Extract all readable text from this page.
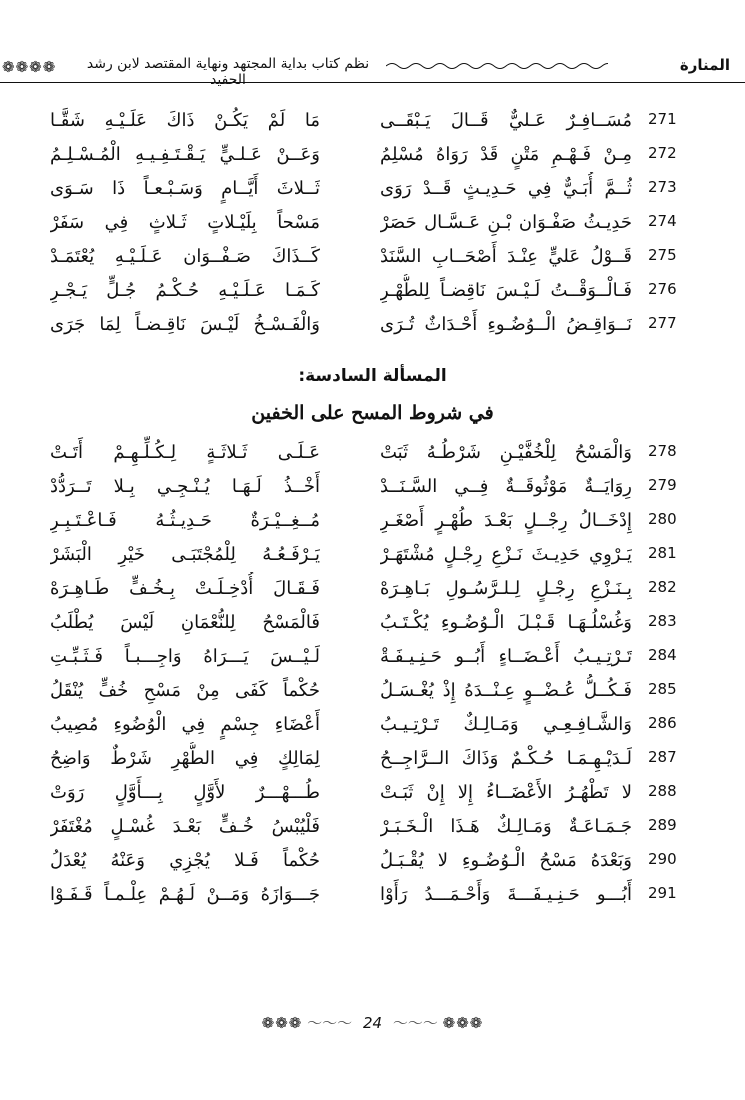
❁❁❁❁	نظم كتاب بداية المجتهد ونهاية المقتصد لابن رشد الحفيد
المنارة
271
مُسَــافِـرٌ عَـليٌّ قَــالَ يَـبْقَــى
مَا لَمْ يَكُـنْ ذَاكَ عَلَـيْـهِ شَقَّـا
272
مِـنْ فَـهْـمِ مَتْنٍ قَدْ رَوَاهُ مُسْلِمُ
وَعَــنْ عَـلـيٍّ يَـقْـتَـفِـيـهِ الْمُـسْـلِـمُ
273
ثُــمَّ أُبَـيٌّ فِي حَـدِيـثٍ قَــدْ رَوَى
ثَــلاثَ أَيَّــامٍ وَسَـبْـعـاً ذَا سَـوَى
274
حَدِيـثُ صَفْـوَان بْـنِ عَـسَّـال حَصَرْ
مَسْحاً بِلَيْـلاتٍ ثَـلاثٍ فِي سَفَرْ
275
قَــوْلُ عَليٍّ عِنْـدَ أَصْحَــابِ السَّنَدْ
كَــذَاكَ صَـفْــوَان عَـلَـيْـهِ يُعْتَمَـدْ
276
فَـالْــوَقْــتُ لَـيْـسَ نَاقِضـاً لِلطُّهْـرِ
كَـمَـا عَـلَـيْـهِ حُـكْـمُ جُـلٍّ يَـجْـرِ
277
نَــوَاقِـضُ الْــوُضُـوءِ أَحْـدَاثٌ تُـرَى
وَالْفَـسْـخُ لَيْـسَ نَاقِـضـاً لِمَا جَرَى
المسألة السادسة:
في شروط المسح على الخفين
278
وَالْمَسْحُ لِلْخُفَّيْـنِ شَرْطُـهُ ثَبَتْ
عَـلَـى ثَـلاثَـةٍ لِـكُـلِّـهِـمْ أَتَـتْ
279
رِوَايَــةٌ مَوْثُوقَــةٌ فِــي السَّـنَــدْ
أَخْــذُ لَـهَـا يُـنْـجِـي بِـلا تَــرَدُّدْ
280
إِدْخَــالُ رِجْــلٍ بَعْـدَ طُهْـرٍ أَصْغَـرِ
مُــغِــيْـرَةٌ حَـدِيـثُـهُ فَـاعْـتَـبِـرِ
281
يَـرْوِي حَدِيـثَ نَـزْعِ رِجْـلٍ مُشْتَهَـرْ
يَـرْفَـعُـهُ لِلْمُجْتَبَـى خَيْرِ الْبَشَرْ
282
بِـنَـزْعِ رِجْـلٍ لِـلـرَّسُـولِ بَـاهِـرَهْ
فَـقَـالَ أُدْخِـلَـتْ بِـخُـفٍّ طَـاهِـرَهْ
283
وَغُسْلُـهَـا قَـبْـلَ الْـوُضُـوءِ يُكْـتَـبُ
فَالْمَسْحُ لِلنُّعْمَانِ لَيْسَ يُطْلَبُ
284
تَـرْتِـيـبُ أَعْـضَــاءٍ أَبُــو حَـنِـيـفَـةْ
لَـيْــسَ يَـــرَاهُ وَاجِـــبـاً فَـثَـبِّـتِ
285
فَـكُــلُّ عُـضْــوٍ عِـنْــدَهُ إِذْ يُغْـسَـلُ
حُكْماً كَفَى مِنْ مَسْحِ خُفٍّ يُنْقَلُ
286
وَالشَّـافِـعِـي وَمَـالِـكٌ تَـرْتِـيـبُ
أَعْضَاءِ جِسْمٍ فِي الْوُضُوءِ مُصِيبُ
287
لَـدَيْـهِـمَـا حُـكْـمٌ وَذَاكَ الــرَّاجِــحُ
لِمَالِكٍ فِي الطُّهْرِ شَرْطٌ وَاضِحُ
288
لا تَطْهُـرُ الأَعْضَــاءُ إِلا إِنْ ثَبَـتْ
طُـــهْـــرٌ لأَوَّلٍ بِـــأَوَّلٍ رَوَتْ
289
جَـمَـاعَـةٌ وَمَـالِـكٌ هَـذَا الْـخَـبَـرْ
فَلْيُبْسُ خُـفٍّ بَعْـدَ غُسْـلٍ مُغْتَفَرْ
290
وَبَعْدَهُ مَسْحُ الْـوُضُـوءِ لا يُقْـبَـلُ
حُكْماً فَـلا يُجْزِي وَعَنْهُ يُعْدَلُ
291
أَبُـــو حَـنِـيـفَـــةَ وَأَحْـمَـــدُ رَأَوْا
جَـــوَازَهُ وَمَــنْ لَـهُـمْ عِلْـمـاً قَـفَـوْا
❁❁❁ ～～～ 24 ～～～ ❁❁❁
